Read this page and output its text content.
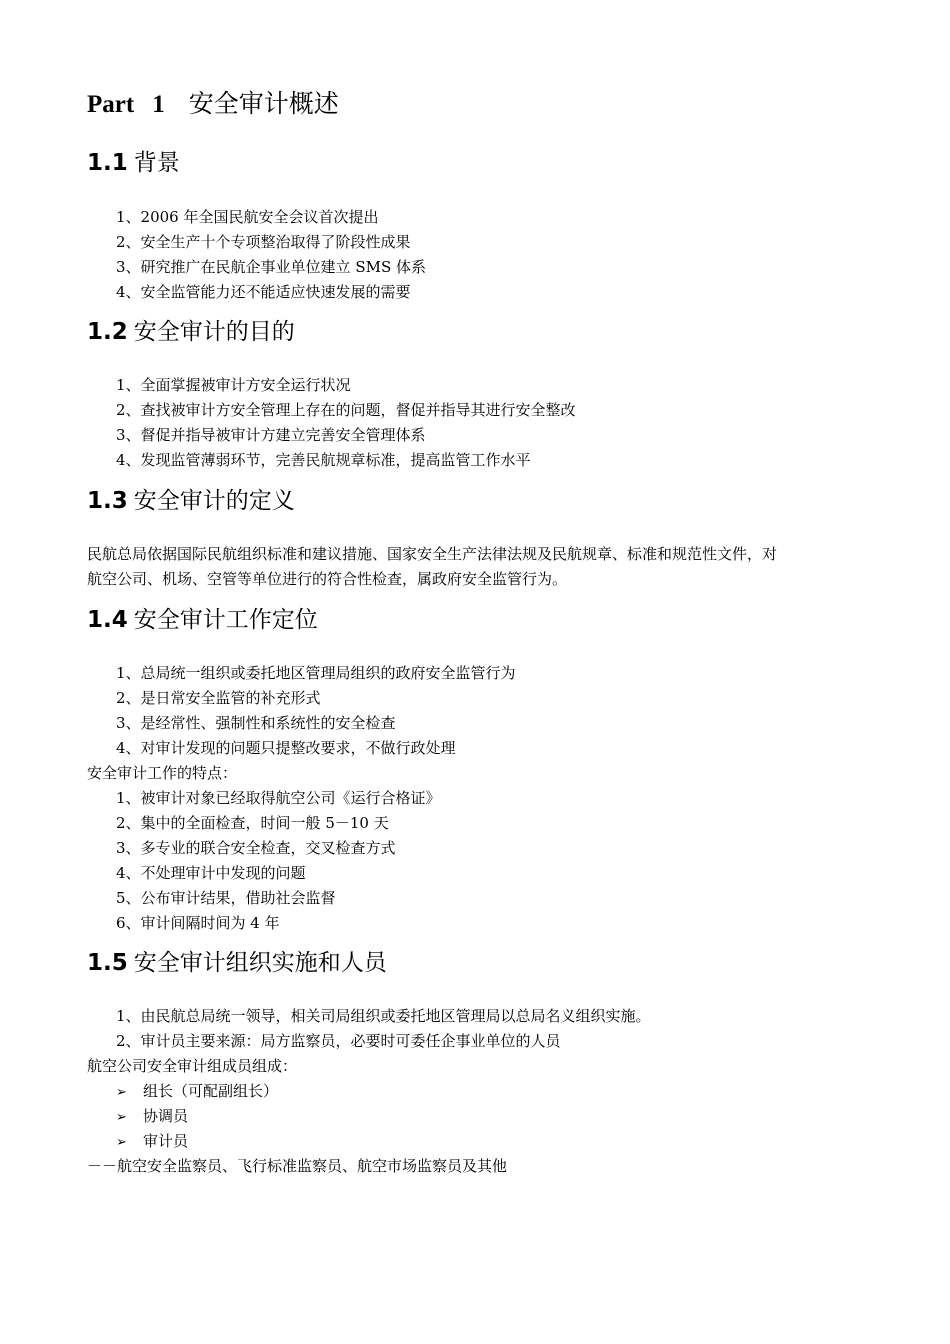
Part 1 安全审计概述
1.1 背景
1、2006 年全国民航安全会议首次提出
2、安全生产十个专项整治取得了阶段性成果
3、研究推广在民航企事业单位建立 SMS 体系
4、安全监管能力还不能适应快速发展的需要
1.2 安全审计的目的
1、全面掌握被审计方安全运行状况
2、查找被审计方安全管理上存在的问题，督促并指导其进行安全整改
3、督促并指导被审计方建立完善安全管理体系
4、发现监管薄弱环节，完善民航规章标准，提高监管工作水平
1.3 安全审计的定义
民航总局依据国际民航组织标准和建议措施、国家安全生产法律法规及民航规章、标准和规范性文件，对
航空公司、机场、空管等单位进行的符合性检查，属政府安全监管行为。
1.4 安全审计工作定位
1、总局统一组织或委托地区管理局组织的政府安全监管行为
2、是日常安全监管的补充形式
3、是经常性、强制性和系统性的安全检查
4、对审计发现的问题只提整改要求，不做行政处理
安全审计工作的特点：
1、被审计对象已经取得航空公司《运行合格证》
2、集中的全面检查，时间一般 5－10 天
3、多专业的联合安全检查，交叉检查方式
4、不处理审计中发现的问题
5、公布审计结果，借助社会监督
6、审计间隔时间为 4 年
1.5 安全审计组织实施和人员
1、由民航总局统一领导，相关司局组织或委托地区管理局以总局名义组织实施。
2、审计员主要来源：局方监察员，必要时可委任企事业单位的人员
航空公司安全审计组成员组成：
➢ 组长（可配副组长）
➢ 协调员
➢ 审计员
－－航空安全监察员、飞行标准监察员、航空市场监察员及其他
